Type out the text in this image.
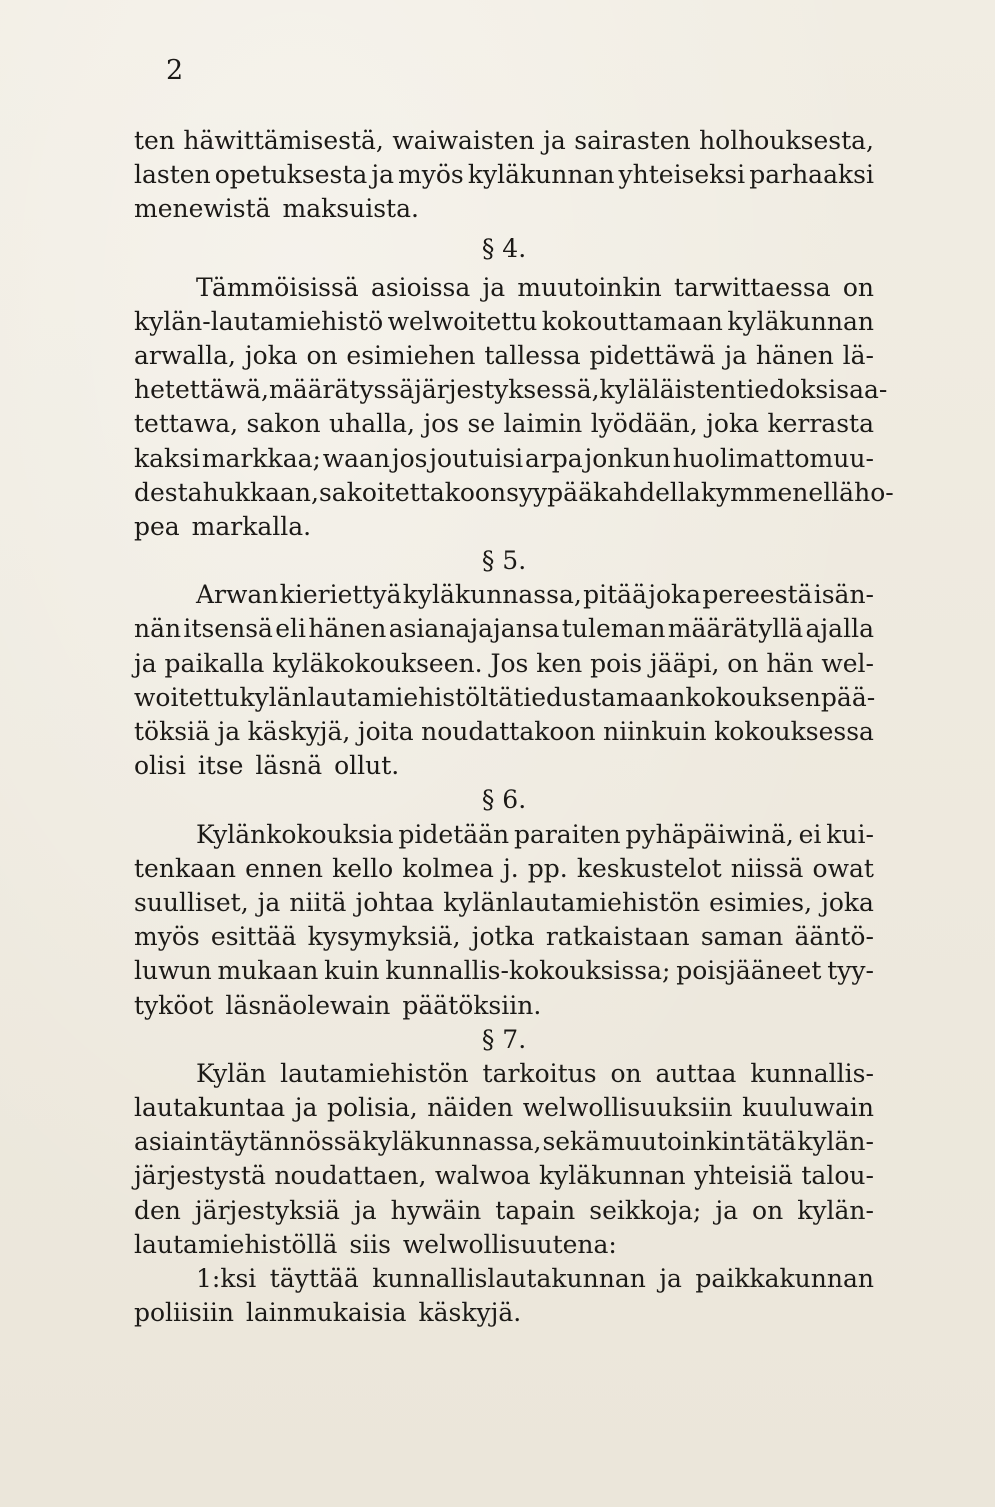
2
ten häwittämisestä, waiwaisten ja sairasten holhouksesta,
lasten opetuksesta ja myös kyläkunnan yhteiseksi parhaaksi
menewistä maksuista.
§ 4.
Tämmöisissä asioissa ja muutoinkin tarwittaessa on
kylän-lautamiehistö welwoitettu kokouttamaan kyläkunnan
arwalla, joka on esimiehen tallessa pidettäwä ja hänen lä-
hetettäwä, määrätyssä järjestyksessä, kyläläisten tiedoksi saa-
tettawa, sakon uhalla, jos se laimin lyödään, joka kerrasta
kaksi markkaa; waan jos joutuisi arpa jonkun huolimattomuu-
desta hukkaan, sakoitettakoon syypää kahdellakymmenellä ho-
pea markalla.
§ 5.
Arwan kieriettyä kyläkunnassa, pitää joka pereestä isän-
nän itsensä eli hänen asianajajansa tuleman määrätyllä ajalla
ja paikalla kyläkokoukseen. Jos ken pois jääpi, on hän wel-
woitettu kylänlautamiehistöltä tiedustamaan kokouksen pää-
töksiä ja käskyjä, joita noudattakoon niinkuin kokouksessa
olisi itse läsnä ollut.
§ 6.
Kylänkokouksia pidetään paraiten pyhäpäiwinä, ei kui-
tenkaan ennen kello kolmea j. pp. keskustelot niissä owat
suulliset, ja niitä johtaa kylänlautamiehistön esimies, joka
myös esittää kysymyksiä, jotka ratkaistaan saman ääntö-
luwun mukaan kuin kunnallis-kokouksissa; poisjääneet tyy-
tyköot läsnäolewain päätöksiin.
§ 7.
Kylän lautamiehistön tarkoitus on auttaa kunnallis-
lautakuntaa ja polisia, näiden welwollisuuksiin kuuluwain
asiain täytännössä kyläkunnassa, sekä muutoinkin tätä kylän-
järjestystä noudattaen, walwoa kyläkunnan yhteisiä talou-
den järjestyksiä ja hywäin tapain seikkoja; ja on kylän-
lautamiehistöllä siis welwollisuutena:
1:ksi täyttää kunnallislautakunnan ja paikkakunnan
poliisiin lainmukaisia käskyjä.
